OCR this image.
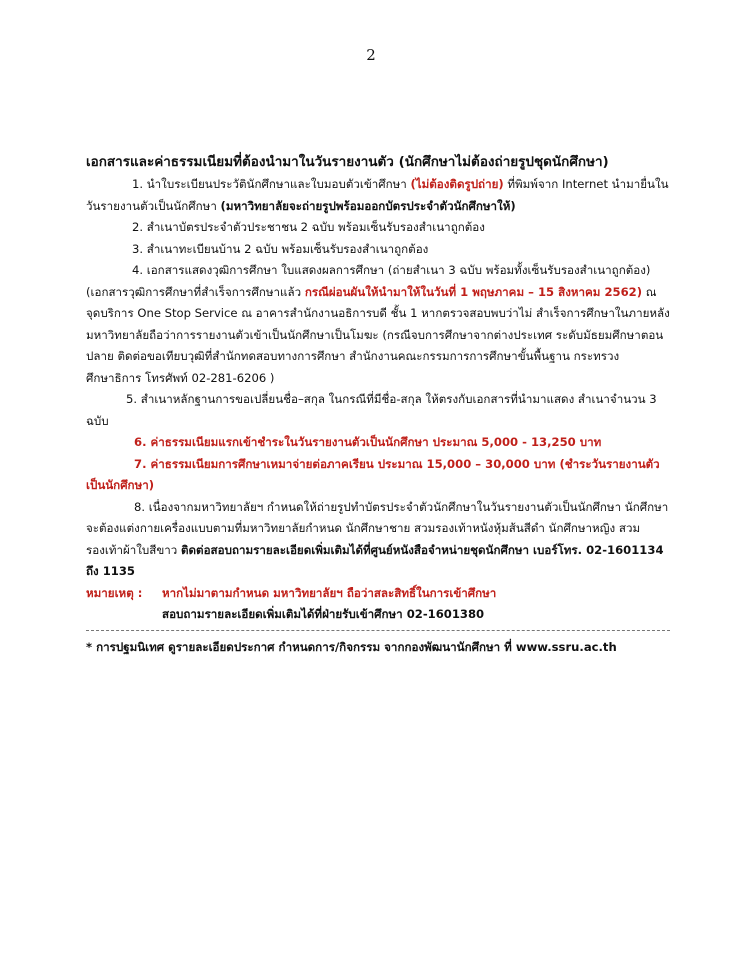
2
เอกสารและค่าธรรมเนียมที่ต้องนำมาในวันรายงานตัว (นักศึกษาไม่ต้องถ่ายรูปชุดนักศึกษา)

1. นำใบระเบียนประวัตินักศึกษาและใบมอบตัวเข้าศึกษา (ไม่ต้องติดรูปถ่าย) ที่พิมพ์จาก Internet นำมายื่นในวันรายงานตัวเป็นนักศึกษา (มหาวิทยาลัยจะถ่ายรูปพร้อมออกบัตรประจำตัวนักศึกษาให้)

2. สำเนาบัตรประจำตัวประชาชน 2 ฉบับ พร้อมเซ็นรับรองสำเนาถูกต้อง

3. สำเนาทะเบียนบ้าน 2 ฉบับ พร้อมเซ็นรับรองสำเนาถูกต้อง

4. เอกสารแสดงวุฒิการศึกษา ใบแสดงผลการศึกษา (ถ่ายสำเนา 3 ฉบับ พร้อมทั้งเซ็นรับรองสำเนาถูกต้อง)

(เอกสารวุฒิการศึกษาที่สำเร็จการศึกษาแล้ว กรณีผ่อนผันให้นำมาให้ในวันที่ 1 พฤษภาคม – 15 สิงหาคม 2562) ณ จุดบริการ One Stop Service ณ อาคารสำนักงานอธิการบดี ชั้น 1 หากตรวจสอบพบว่าไม่ สำเร็จการศึกษาในภายหลัง มหาวิทยาลัยถือว่าการรายงานตัวเข้าเป็นนักศึกษาเป็นโมฆะ (กรณีจบการศึกษาจากต่างประเทศ ระดับมัธยมศึกษาตอนปลาย ติดต่อขอเทียบวุฒิที่สำนักทดสอบทางการศึกษา สำนักงานคณะกรรมการการศึกษาขั้นพื้นฐาน กระทรวงศึกษาธิการ โทรศัพท์ 02-281-6206 )

5. สำเนาหลักฐานการขอเปลี่ยนชื่อ–สกุล ในกรณีที่มีชื่อ-สกุล ให้ตรงกับเอกสารที่นำมาแสดง สำเนาจำนวน 3 ฉบับ

6. ค่าธรรมเนียมแรกเข้าชำระในวันรายงานตัวเป็นนักศึกษา ประมาณ 5,000 - 13,250 บาท

7. ค่าธรรมเนียมการศึกษาเหมาจ่ายต่อภาคเรียน ประมาณ 15,000 – 30,000 บาท (ชำระวันรายงานตัวเป็นนักศึกษา)

8. เนื่องจากมหาวิทยาลัยฯ กำหนดให้ถ่ายรูปทำบัตรประจำตัวนักศึกษาในวันรายงานตัวเป็นนักศึกษา นักศึกษาจะต้องแต่งกายเครื่องแบบตามที่มหาวิทยาลัยกำหนด นักศึกษาชาย สวมรองเท้าหนังหุ้มส้นสีดำ นักศึกษาหญิง สวมรองเท้าผ้าใบสีขาว ติดต่อสอบถามรายละเอียดเพิ่มเติมได้ที่ศูนย์หนังสือจำหน่ายชุดนักศึกษา เบอร์โทร. 02-1601134 ถึง 1135

หมายเหตุ :	หากไม่มาตามกำหนด มหาวิทยาลัยฯ ถือว่าสละสิทธิ์ในการเข้าศึกษา
สอบถามรายละเอียดเพิ่มเติมได้ที่ฝ่ายรับเข้าศึกษา 02-1601380
* การปฐมนิเทศ ดูรายละเอียดประกาศ กำหนดการ/กิจกรรม จากกองพัฒนานักศึกษา ที่ www.ssru.ac.th
